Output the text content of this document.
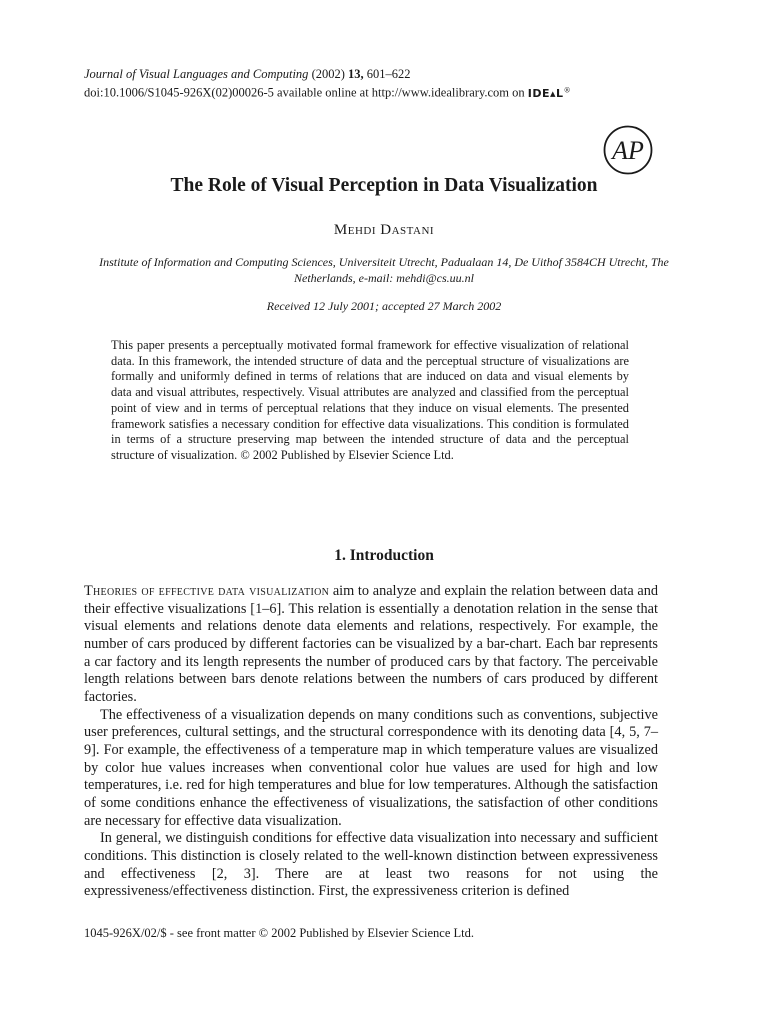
Journal of Visual Languages and Computing (2002) 13, 601–622
doi:10.1006/S1045-926X(02)00026-5 available online at http://www.idealibrary.com on IDE▴L®
AP
The Role of Visual Perception in Data Visualization
Mehdi Dastani
Institute of Information and Computing Sciences, Universiteit Utrecht, Padualaan 14, De Uithof 3584CH Utrecht, The Netherlands, e-mail: mehdi@cs.uu.nl
Received 12 July 2001; accepted 27 March 2002

This paper presents a perceptually motivated formal framework for effective visualization of relational data. In this framework, the intended structure of data and the perceptual structure of visualizations are formally and uniformly defined in terms of relations that are induced on data and visual elements by data and visual attributes, respectively. Visual attributes are analyzed and classified from the perceptual point of view and in terms of perceptual relations that they induce on visual elements. The presented framework satisfies a necessary condition for effective data visualizations. This condition is formulated in terms of a structure preserving map between the intended structure of data and the perceptual structure of visualization. © 2002 Published by Elsevier Science Ltd.

1. Introduction

Theories of effective data visualization aim to analyze and explain the relation between data and their effective visualizations [1–6]. This relation is essentially a denotation relation in the sense that visual elements and relations denote data elements and relations, respectively. For example, the number of cars produced by different factories can be visualized by a bar-chart. Each bar represents a car factory and its length represents the number of produced cars by that factory. The perceivable length relations between bars denote relations between the numbers of cars produced by different factories.

The effectiveness of a visualization depends on many conditions such as conventions, subjective user preferences, cultural settings, and the structural correspondence with its denoting data [4, 5, 7–9]. For example, the effectiveness of a temperature map in which temperature values are visualized by color hue values increases when conventional color hue values are used for high and low temperatures, i.e. red for high temperatures and blue for low temperatures. Although the satisfaction of some conditions enhance the effectiveness of visualizations, the satisfaction of other conditions are necessary for effective data visualization.

In general, we distinguish conditions for effective data visualization into necessary and sufficient conditions. This distinction is closely related to the well-known distinction between expressiveness and effectiveness [2, 3]. There are at least two reasons for not using the expressiveness/effectiveness distinction. First, the expressiveness criterion is defined

1045-926X/02/$ - see front matter © 2002 Published by Elsevier Science Ltd.
